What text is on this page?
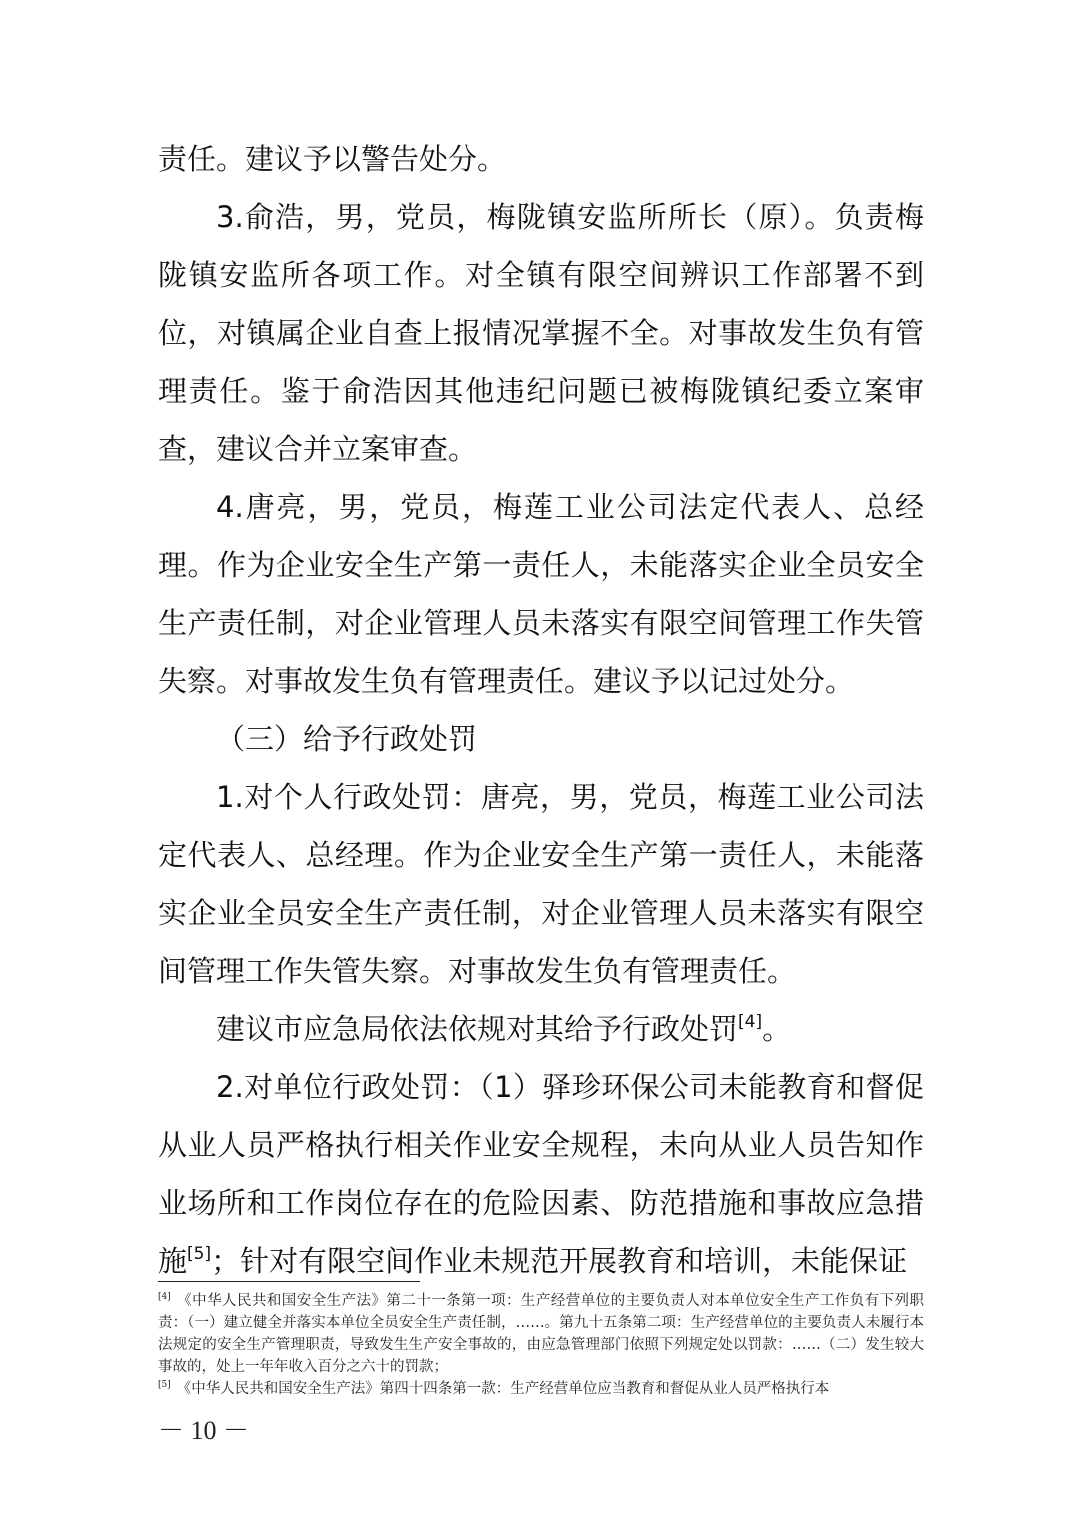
责任。建议予以警告处分。

3.俞浩，男，党员，梅陇镇安监所所长（原）。负责梅陇镇安监所各项工作。对全镇有限空间辨识工作部署不到位，对镇属企业自查上报情况掌握不全。对事故发生负有管理责任。鉴于俞浩因其他违纪问题已被梅陇镇纪委立案审查，建议合并立案审查。

4.唐亮，男，党员，梅莲工业公司法定代表人、总经理。作为企业安全生产第一责任人，未能落实企业全员安全生产责任制，对企业管理人员未落实有限空间管理工作失管失察。对事故发生负有管理责任。建议予以记过处分。

（三）给予行政处罚

1.对个人行政处罚：唐亮，男，党员，梅莲工业公司法定代表人、总经理。作为企业安全生产第一责任人，未能落实企业全员安全生产责任制，对企业管理人员未落实有限空间管理工作失管失察。对事故发生负有管理责任。

建议市应急局依法依规对其给予行政处罚[4]。

2.对单位行政处罚：（1）驿珍环保公司未能教育和督促从业人员严格执行相关作业安全规程，未向从业人员告知作业场所和工作岗位存在的危险因素、防范措施和事故应急措施[5]；针对有限空间作业未规范开展教育和培训，未能保证

[4] 《中华人民共和国安全生产法》第二十一条第一项：生产经营单位的主要负责人对本单位安全生产工作负有下列职责：（一）建立健全并落实本单位全员安全生产责任制，……。第九十五条第二项：生产经营单位的主要负责人未履行本法规定的安全生产管理职责，导致发生生产安全事故的，由应急管理部门依照下列规定处以罚款：……（二）发生较大事故的，处上一年年收入百分之六十的罚款；

[5] 《中华人民共和国安全生产法》第四十四条第一款：生产经营单位应当教育和督促从业人员严格执行本

－ 10 －
